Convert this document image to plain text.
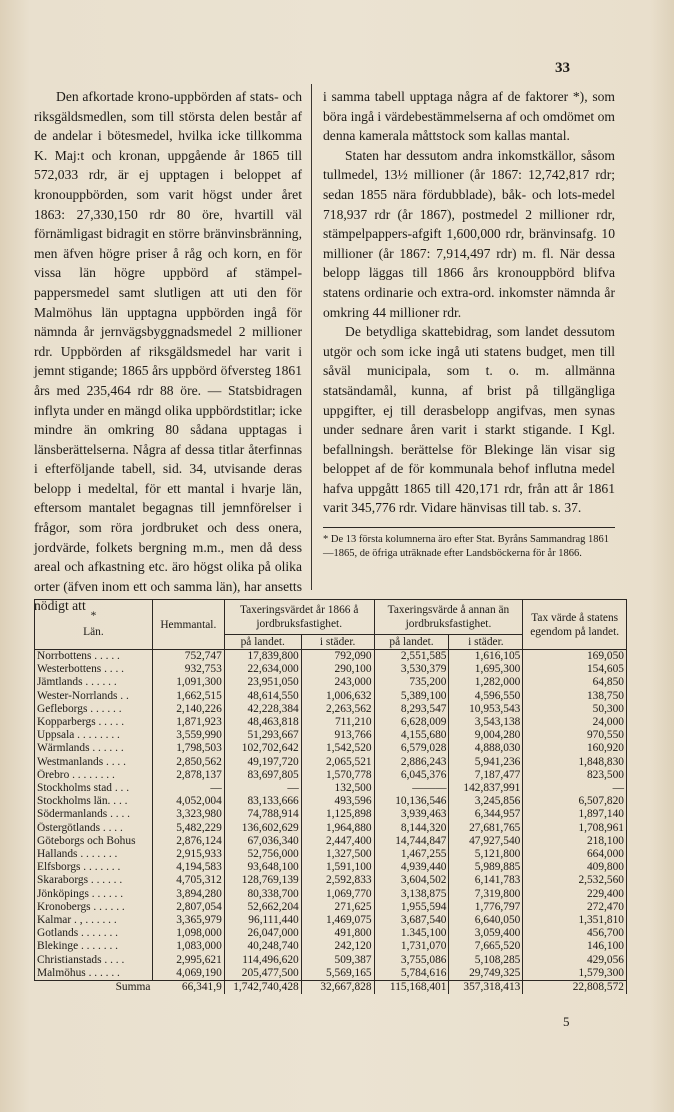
33

Den afkortade krono-uppbörden af stats- och riksgäldsmedlen, som till största delen består af de andelar i bötesmedel, hvilka icke tillkomma K. Maj:t och kronan, uppgående år 1865 till 572,033 rdr, är ej upptagen i beloppet af kronouppbörden, som varit högst under året 1863: 27,330,150 rdr 80 öre, hvartill väl förnämligast bidragit en större bränvinsbränning, men äfven högre priser å råg och korn, en för vissa län högre uppbörd af stämpel-pappersmedel samt slutligen att uti den för Malmöhus län upptagna uppbörden ingå för nämnda år jernvägsbyggnadsmedel 2 millioner rdr. Uppbörden af riksgäldsmedel har varit i jemnt stigande; 1865 års uppbörd öfversteg 1861 års med 235,464 rdr 88 öre. — Statsbidragen inflyta under en mängd olika uppbördstitlar; icke mindre än omkring 80 sådana upptagas i länsberättelserna. Några af dessa titlar återfinnas i efterföljande tabell, sid. 34, utvisande deras belopp i medeltal, för ett mantal i hvarje län, eftersom mantalet begagnas till jemnförelser i frågor, som röra jordbruket och dess onera, jordvärde, folkets bergning m.m., men då dess areal och afkastning etc. äro högst olika på olika orter (äfven inom ett och samma län), har ansetts nödigt att

i samma tabell upptaga några af de faktorer *), som böra ingå i värdebestämmelserna af och omdömet om denna kamerala måttstock som kallas mantal.

Staten har dessutom andra inkomstkällor, såsom tullmedel, 13½ millioner (år 1867: 12,742,817 rdr; sedan 1855 nära fördubblade), båk- och lots-medel 718,937 rdr (år 1867), postmedel 2 millioner rdr, stämpelpappers-afgift 1,600,000 rdr, bränvinsafg. 10 millioner (år 1867: 7,914,497 rdr) m. fl. När dessa belopp läggas till 1866 års kronouppbörd blifva statens ordinarie och extra-ord. inkomster nämnda år omkring 44 millioner rdr.

De betydliga skattebidrag, som landet dessutom utgör och som icke ingå uti statens budget, men till såväl municipala, som t. o. m. allmänna statsändamål, kunna, af brist på tillgängliga uppgifter, ej till derasbelopp angifvas, men synas under sednare åren varit i starkt stigande. I Kgl. befallningsh. berättelse för Blekinge län visar sig beloppet af de för kommunala behof influtna medel hafva uppgått 1865 till 420,171 rdr, från att år 1861 varit 345,776 rdr. Vidare hänvisas till tab. s. 37.

* De 13 första kolumnerna äro efter Stat. Byråns Sammandrag 1861—1865, de öfriga uträknade efter Landsböckerna för år 1866.

*
Län.	Hemmantal.	Taxeringsvärdet år 1866 å jordbruksfastighet.		Taxeringsvärde å annan än jordbruksfastighet.		Tax värde å statens egendom på landet.
		på landet.	i städer.	på landet.	i städer.	
Norrbottens . . . . .	752,747	17,839,800	792,090	2,551,585	1,616,105	169,050
Westerbottens . . . .	932,753	22,634,000	290,100	3,530,379	1,695,300	154,605
Jämtlands . . . . . .	1,091,300	23,951,050	243,000	735,200	1,282,000	64,850
Wester-Norrlands . .	1,662,515	48,614,550	1,006,632	5,389,100	4,596,550	138,750
Gefleborgs . . . . . .	2,140,226	42,228,384	2,263,562	8,293,547	10,953,543	50,300
Kopparbergs . . . . .	1,871,923	48,463,818	711,210	6,628,009	3,543,138	24,000
Uppsala . . . . . . . .	3,559,990	51,293,667	913,766	4,155,680	9,004,280	970,550
Wärmlands . . . . . .	1,798,503	102,702,642	1,542,520	6,579,028	4,888,030	160,920
Westmanlands . . . .	2,850,562	49,197,720	2,065,521	2,886,243	5,941,236	1,848,830
Örebro . . . . . . . .	2,878,137	83,697,805	1,570,778	6,045,376	7,187,477	823,500
Stockholms stad . . .	—	—	132,500	———	142,837,991	—
Stockholms län. . . .	4,052,004	83,133,666	493,596	10,136,546	3,245,856	6,507,820
Södermanlands . . . .	3,323,980	74,788,914	1,125,898	3,939,463	6,344,957	1,897,140
Östergötlands . . . .	5,482,229	136,602,629	1,964,880	8,144,320	27,681,765	1,708,961
Göteborgs och Bohus	2,876,124	67,036,340	2,447,400	14,744,847	47,927,540	218,100
Hallands . . . . . . .	2,915,933	52,756,000	1,327,500	1,467,255	5,121,800	664,000
Elfsborgs . . . . . . .	4,194,583	93,648,100	1,591,100	4,939,440	5,989,885	409,800
Skaraborgs . . . . . .	4,705,312	128,769,139	2,592,833	3,604,502	6,141,783	2,532,560
Jönköpings . . . . . .	3,894,280	80,338,700	1,069,770	3,138,875	7,319,800	229,400
Kronobergs . . . . . .	2,807,054	52,662,204	271,625	1,955,594	1,776,797	272,470
Kalmar . , . . . . . .	3,365,979	96,111,440	1,469,075	3,687,540	6,640,050	1,351,810
Gotlands . . . . . . .	1,098,000	26,047,000	491,800	1.345,100	3,059,400	456,700
Blekinge . . . . . . .	1,083,000	40,248,740	242,120	1,731,070	7,665,520	146,100
Christianstads . . . .	2,995,621	114,496,620	509,387	3,755,086	5,108,285	429,056
Malmöhus . . . . . .	4,069,190	205,477,500	5,569,165	5,784,616	29,749,325	1,579,300
Summa	66,341,9	1,742,740,428	32,667,828	115,168,401	357,318,413	22,808,572
5
